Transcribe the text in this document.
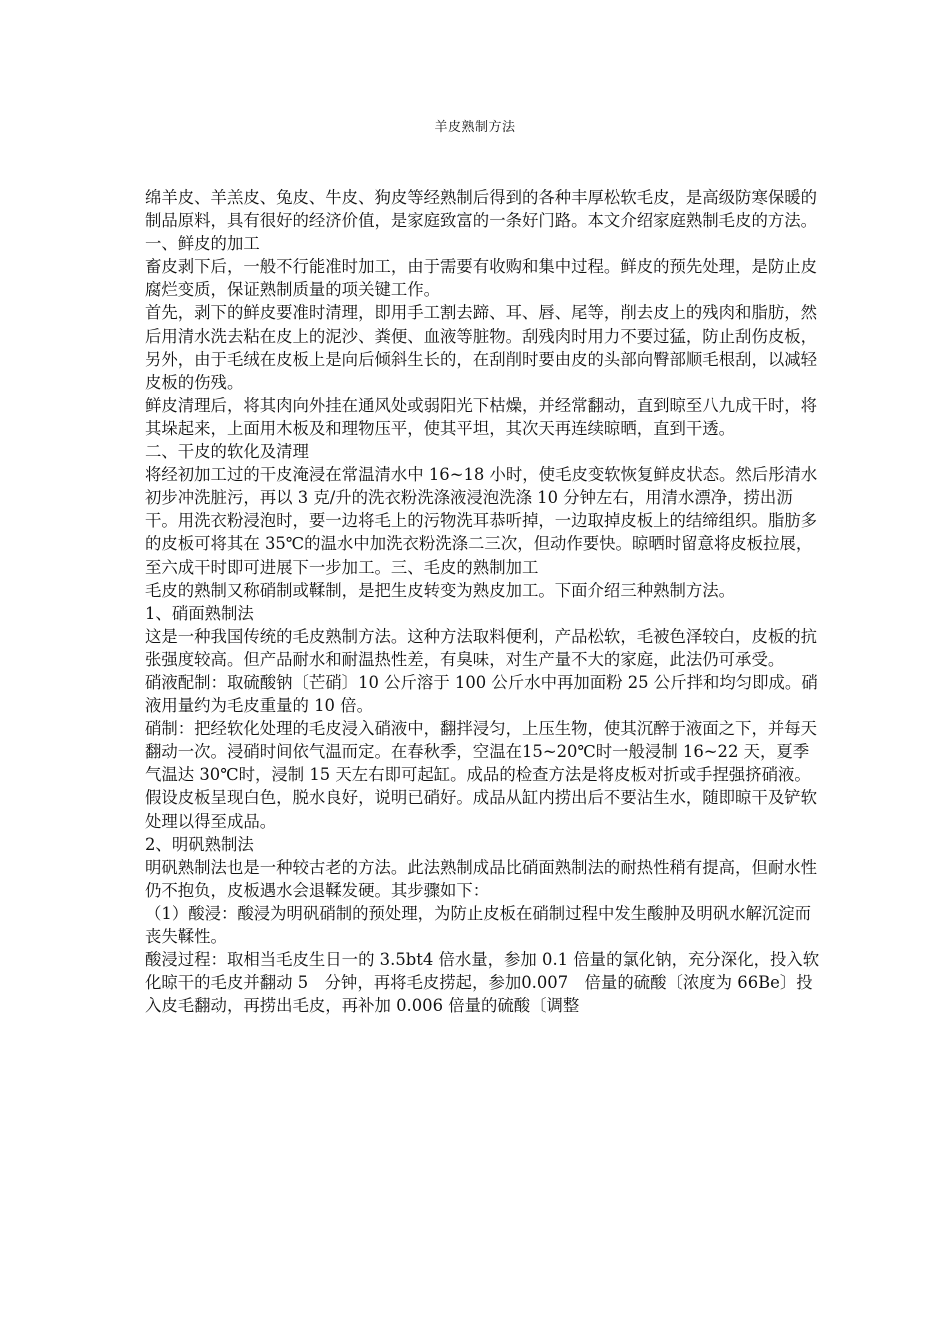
羊皮熟制方法

绵羊皮、羊羔皮、兔皮、牛皮、狗皮等经熟制后得到的各种丰厚松软毛皮，是高级防寒保暖的制品原料，具有很好的经济价值，是家庭致富的一条好门路。本文介绍家庭熟制毛皮的方法。

一、鲜皮的加工

畜皮剥下后，一般不行能准时加工，由于需要有收购和集中过程。鲜皮的预先处理，是防止皮腐烂变质，保证熟制质量的项关键工作。

首先，剥下的鲜皮要准时清理，即用手工割去蹄、耳、唇、尾等，削去皮上的残肉和脂肪，然后用清水洗去粘在皮上的泥沙、粪便、血液等脏物。刮残肉时用力不要过猛，防止刮伤皮板，另外，由于毛绒在皮板上是向后倾斜生长的，在刮削时要由皮的头部向臀部顺毛根刮，以减轻皮板的伤残。

鲜皮清理后，将其肉向外挂在通风处或弱阳光下枯燥，并经常翻动，直到晾至八九成干时，将其垛起来，上面用木板及和理物压平，使其平坦，其次天再连续晾晒，直到干透。

二、干皮的软化及清理

将经初加工过的干皮淹浸在常温清水中 16~18 小时，使毛皮变软恢复鲜皮状态。然后彤清水初步冲洗脏污，再以 3 克/升的洗衣粉洗涤液浸泡洗涤 10 分钟左右，用清水漂净，捞出沥干。用洗衣粉浸泡时，要一边将毛上的污物洗耳恭听掉，一边取掉皮板上的结缔组织。脂肪多的皮板可将其在 35℃的温水中加洗衣粉洗涤二三次，但动作要快。晾晒时留意将皮板拉展，至六成干时即可进展下一步加工。三、毛皮的熟制加工

毛皮的熟制又称硝制或鞣制，是把生皮转变为熟皮加工。下面介绍三种熟制方法。

1、硝面熟制法

这是一种我国传统的毛皮熟制方法。这种方法取料便利，产品松软，毛被色泽较白，皮板的抗张强度较高。但产品耐水和耐温热性差，有臭味，对生产量不大的家庭，此法仍可承受。

硝液配制：取硫酸钠〔芒硝〕10 公斤溶于 100 公斤水中再加面粉 25 公斤拌和均匀即成。硝液用量约为毛皮重量的 10 倍。

硝制：把经软化处理的毛皮浸入硝液中，翻拌浸匀，上压生物，使其沉醉于液面之下，并每天翻动一次。浸硝时间依气温而定。在春秋季，空温在15~20℃时一般浸制 16~22 天，夏季气温达 30℃时，浸制 15 天左右即可起缸。成品的检查方法是将皮板对折或手捏强挤硝液。假设皮板呈现白色，脱水良好，说明已硝好。成品从缸内捞出后不要沾生水，随即晾干及铲软处理以得至成品。

2、明矾熟制法

明矾熟制法也是一种较古老的方法。此法熟制成品比硝面熟制法的耐热性稍有提高，但耐水性仍不抱负，皮板遇水会退鞣发硬。其步骤如下：

（1）酸浸：酸浸为明矾硝制的预处理，为防止皮板在硝制过程中发生酸肿及明矾水解沉淀而丧失鞣性。

酸浸过程：取相当毛皮生日一的 3.5bt4 倍水量，参加 0.1 倍量的氯化钠，充分深化，投入软化晾干的毛皮并翻动 5　分钟，再将毛皮捞起，参加0.007　倍量的硫酸〔浓度为 66Be〕投入皮毛翻动，再捞出毛皮，再补加 0.006 倍量的硫酸〔调整
